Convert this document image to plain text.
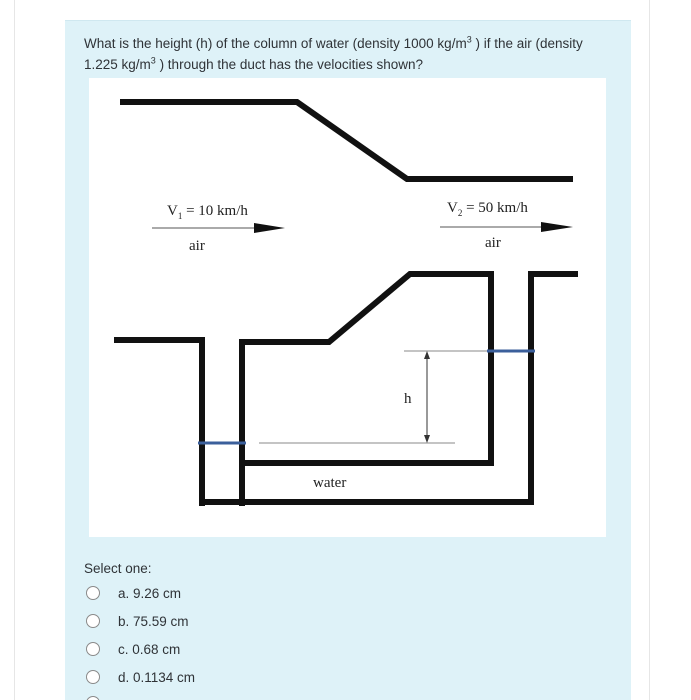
What is the height (h) of the column of water (density 1000 $kg/m^3$ ) if the air (density 1.225 $kg/m^3$ ) through the duct has the velocities shown?
$V_1 = 10$ km/h
air
$V_2 = 50$ km/h
air
h
water
Select one:
a. 9.26 cm
b. 75.59 cm
c. 0.68 cm
d. 0.1134 cm
